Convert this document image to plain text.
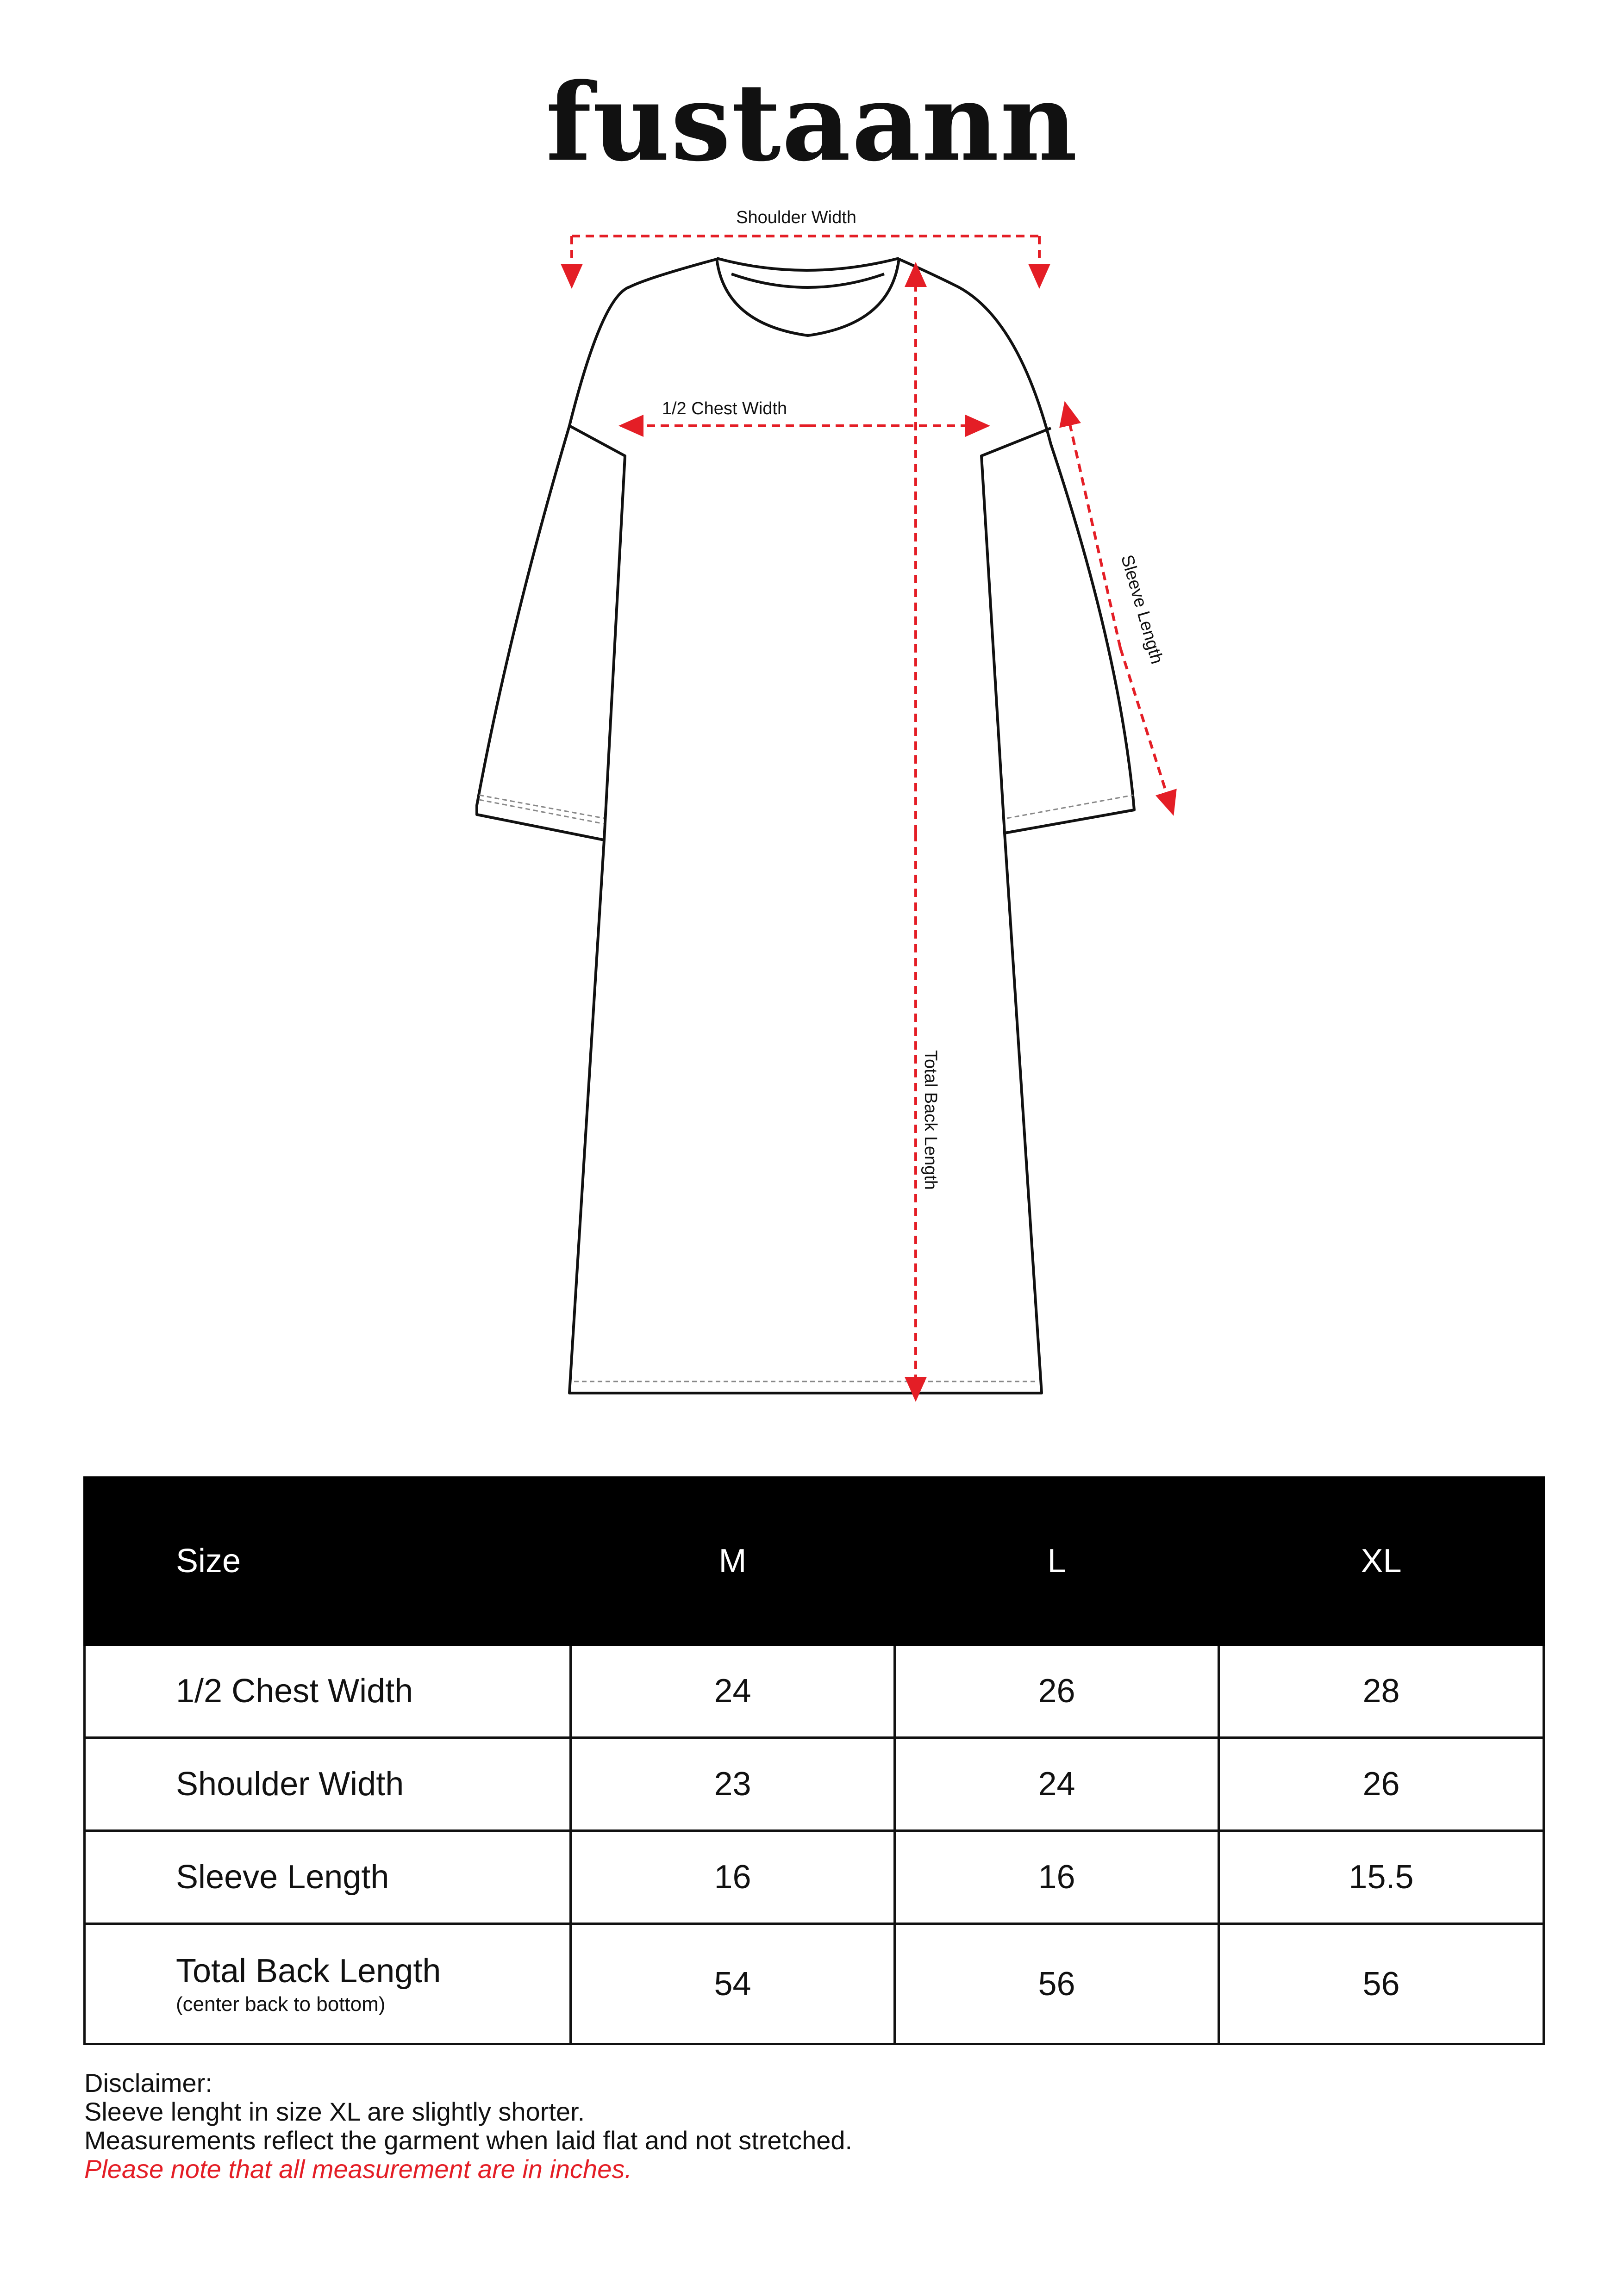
fustaann
Shoulder Width
1/2 Chest Width
Sleeve Length
Total Back Length
Size	M	L	XL
1/2 Chest Width	24	26	28
Shoulder Width	23	24	26
Sleeve Length	16	16	15.5
Total Back Length
(center back to bottom)	54	56	56
Disclaimer:
Sleeve lenght in size XL are slightly shorter.
Measurements reflect the garment when laid flat and not stretched.
Please note that all measurement are in inches.
